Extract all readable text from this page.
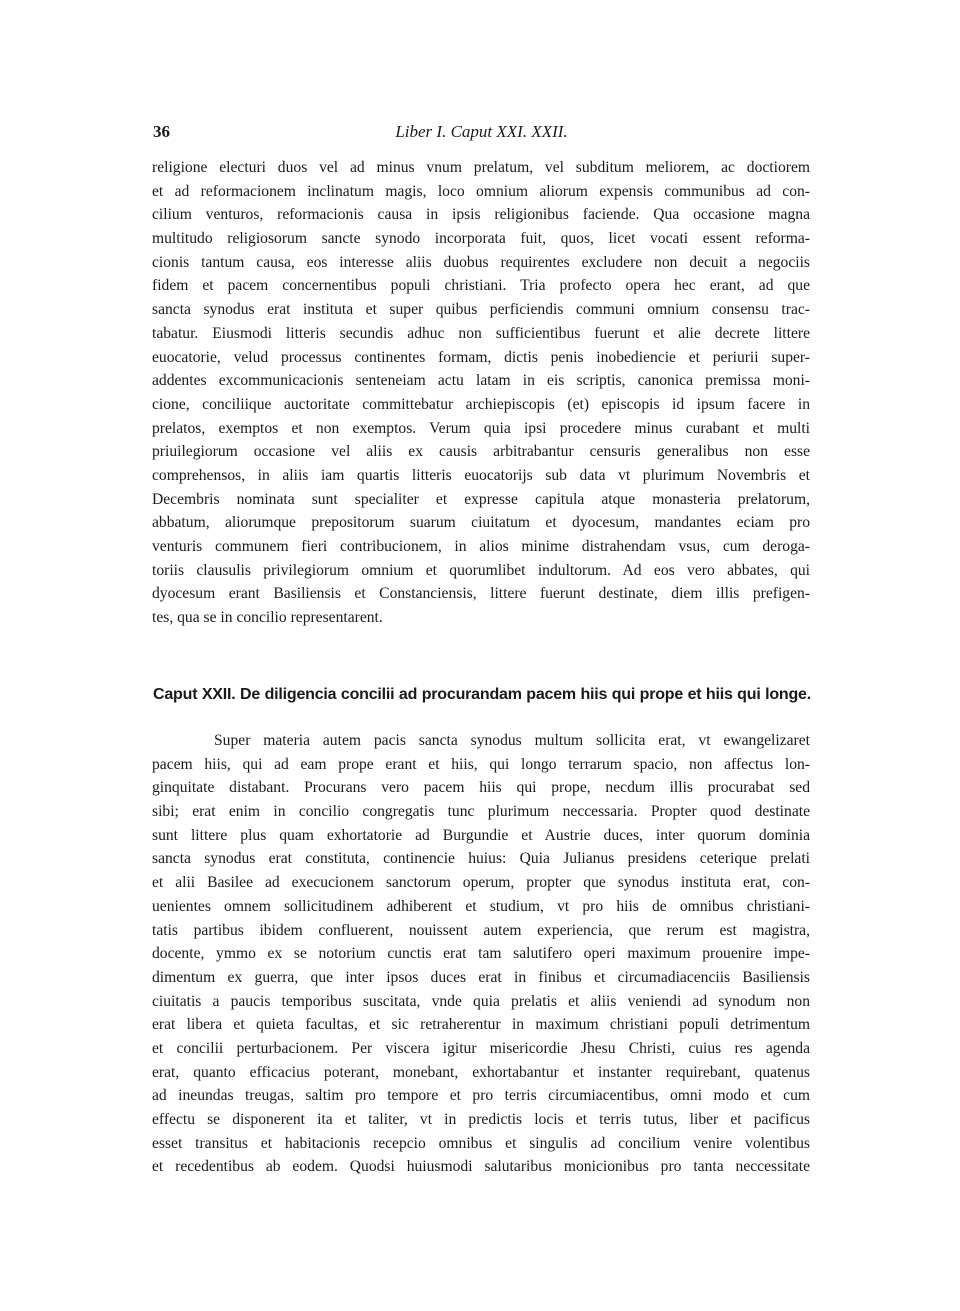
36	Liber I. Caput XXI. XXII.
religione electuri duos vel ad minus vnum prelatum, vel subditum meliorem, ac doctiorem
et ad reformacionem inclinatum magis, loco omnium aliorum expensis communibus ad con-
cilium venturos, reformacionis causa in ipsis religionibus faciende. Qua occasione magna
multitudo religiosorum sancte synodo incorporata fuit, quos, licet vocati essent reforma-
cionis tantum causa, eos interesse aliis duobus requirentes excludere non decuit a negociis
fidem et pacem concernentibus populi christiani. Tria profecto opera hec erant, ad que
sancta synodus erat instituta et super quibus perficiendis communi omnium consensu trac-
tabatur. Eiusmodi litteris secundis adhuc non sufficientibus fuerunt et alie decrete littere
euocatorie, velud processus continentes formam, dictis penis inobediencie et periurii super-
addentes excommunicacionis senteneiam actu latam in eis scriptis, canonica premissa moni-
cione, conciliique auctoritate committebatur archiepiscopis (et) episcopis id ipsum facere in
prelatos, exemptos et non exemptos. Verum quia ipsi procedere minus curabant et multi
priuilegiorum occasione vel aliis ex causis arbitrabantur censuris generalibus non esse
comprehensos, in aliis iam quartis litteris euocatorijs sub data vt plurimum Novembris et
Decembris nominata sunt specialiter et expresse capitula atque monasteria prelatorum,
abbatum, aliorumque prepositorum suarum ciuitatum et dyocesum, mandantes eciam pro
venturis communem fieri contribucionem, in alios minime distrahendam vsus, cum deroga-
toriis clausulis privilegiorum omnium et quorumlibet indultorum. Ad eos vero abbates, qui
dyocesum erant Basiliensis et Constanciensis, littere fuerunt destinate, diem illis prefigen-
tes, qua se in concilio representarent.
Caput XXII. De diligencia concilii ad procurandam pacem hiis qui prope et hiis qui longe.
Super materia autem pacis sancta synodus multum sollicita erat, vt ewangelizaret
pacem hiis, qui ad eam prope erant et hiis, qui longo terrarum spacio, non affectus lon-
ginquitate distabant. Procurans vero pacem hiis qui prope, necdum illis procurabat sed
sibi; erat enim in concilio congregatis tunc plurimum neccessaria. Propter quod destinate
sunt littere plus quam exhortatorie ad Burgundie et Austrie duces, inter quorum dominia
sancta synodus erat constituta, continencie huius: Quia Julianus presidens ceterique prelati
et alii Basilee ad execucionem sanctorum operum, propter que synodus instituta erat, con-
uenientes omnem sollicitudinem adhiberent et studium, vt pro hiis de omnibus christiani-
tatis partibus ibidem confluerent, nouissent autem experiencia, que rerum est magistra,
docente, ymmo ex se notorium cunctis erat tam salutifero operi maximum prouenire impe-
dimentum ex guerra, que inter ipsos duces erat in finibus et circumadiacenciis Basiliensis
ciuitatis a paucis temporibus suscitata, vnde quia prelatis et aliis veniendi ad synodum non
erat libera et quieta facultas, et sic retraherentur in maximum christiani populi detrimentum
et concilii perturbacionem. Per viscera igitur misericordie Jhesu Christi, cuius res agenda
erat, quanto efficacius poterant, monebant, exhortabantur et instanter requirebant, quatenus
ad ineundas treugas, saltim pro tempore et pro terris circumiacentibus, omni modo et cum
effectu se disponerent ita et taliter, vt in predictis locis et terris tutus, liber et pacificus
esset transitus et habitacionis recepcio omnibus et singulis ad concilium venire volentibus
et recedentibus ab eodem. Quodsi huiusmodi salutaribus monicionibus pro tanta neccessitate
